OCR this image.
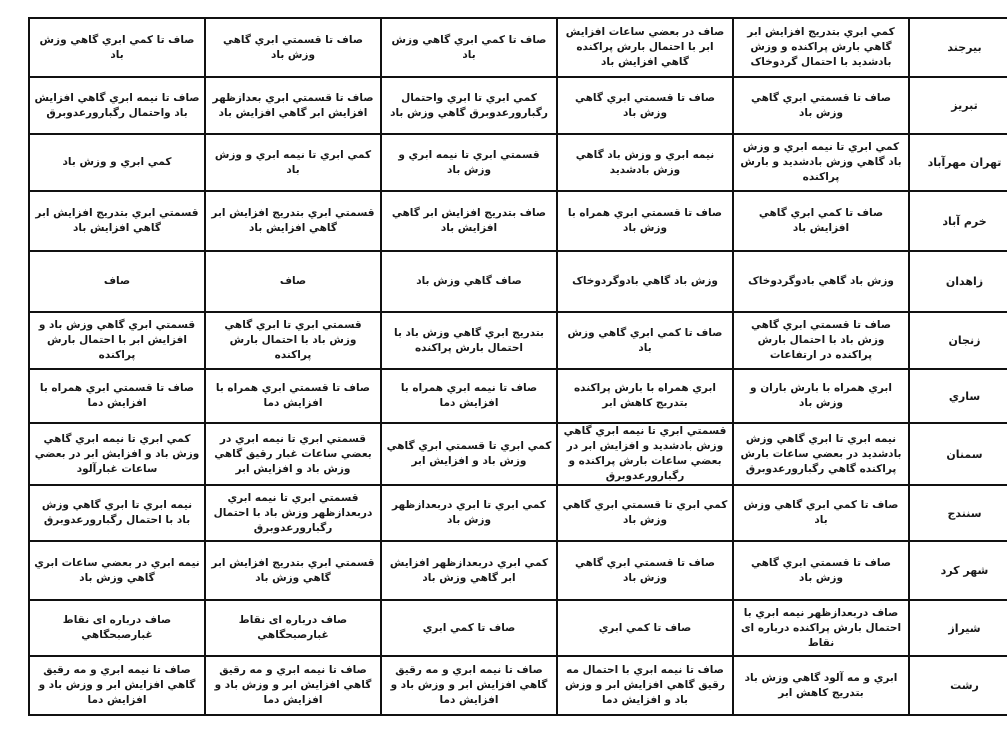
بیرجند	كمي ابري بتدريج افزايش ابر گاهي بارش پراكنده و وزش بادشديد با احتمال گردوخاک	صاف در بعضي ساعات افزايش ابر با احتمال بارش پراكنده گاهي افزايش باد	صاف تا كمي ابري گاهي وزش باد	صاف تا قسمتي ابري گاهي وزش باد	صاف تا كمي ابري گاهي وزش باد
تبريز	صاف تا قسمتي ابري گاهي وزش باد	صاف تا قسمتي ابري گاهي وزش باد	كمي ابري تا ابري واحتمال رگبارورعدوبرق گاهي وزش باد	صاف تا قسمتي ابري بعدازظهر افزايش ابر گاهي افزايش باد	صاف تا نيمه ابري گاهي افزايش باد واحتمال رگبارورعدوبرق
تهران مهرآباد	كمي ابري تا نيمه ابري و وزش باد گاهي وزش بادشديد و بارش پراكنده	نيمه ابري و وزش باد گاهي وزش بادشديد	قسمتي ابري تا نيمه ابري و وزش باد	كمي ابري تا نيمه ابري و وزش باد	كمي ابري و وزش باد
خرم آباد	صاف تا كمي ابري گاهي افزايش باد	صاف تا قسمتي ابري همراه با وزش باد	صاف بتدريج افزايش ابر گاهي افزايش باد	قسمتي ابري بتدريج افزايش ابر گاهي افزايش باد	قسمتي ابري بتدريج افزايش ابر گاهي افزايش باد
زاهدان	وزش باد گاهي بادوگردوخاک	وزش باد گاهي بادوگردوخاک	صاف گاهي وزش باد	صاف	صاف
زنجان	صاف تا قسمتي ابري گاهي وزش باد با احتمال بارش پراكنده در ارتفاعات	صاف تا كمي ابري گاهي وزش باد	بتدريج ابري گاهي وزش باد با احتمال بارش پراكنده	قسمتي ابري تا ابري گاهي وزش باد با احتمال بارش پراكنده	قسمتي ابري گاهي وزش باد و افزايش ابر با احتمال بارش پراكنده
ساري	ابري همراه با بارش باران و وزش باد	ابري همراه با بارش پراكنده بتدريج كاهش ابر	صاف تا نيمه ابري همراه با افزايش دما	صاف تا قسمتي ابري همراه با افزايش دما	صاف تا قسمتي ابري همراه با افزايش دما
سمنان	نيمه ابري تا ابري گاهي وزش بادشديد در بعضي ساعات بارش پراكنده گاهي رگبارورعدوبرق	قسمتي ابري تا نيمه ابري گاهي وزش بادشديد و افزايش ابر در بعضي ساعات بارش پراكنده و رگبارورعدوبرق	كمي ابري تا قسمتي ابري گاهي وزش باد و افزايش ابر	قسمتي ابري تا نيمه ابري در بعضي ساعات غبار رقيق گاهي وزش باد و افزايش ابر	كمي ابري تا نيمه ابري گاهي وزش باد و افزايش ابر در بعضي ساعات غبارآلود
سنندج	صاف تا كمي ابري گاهي وزش باد	كمي ابري تا قسمتي ابري گاهي وزش باد	كمي ابري تا ابري دربعدازظهر وزش باد	قسمتي ابري تا نيمه ابري دربعدازظهر وزش باد با احتمال رگبارورعدوبرق	نيمه ابري تا ابري گاهي وزش باد با احتمال رگبارورعدوبرق
شهر كرد	صاف تا قسمتي ابري گاهي وزش باد	صاف تا قسمتي ابري گاهي وزش باد	كمي ابري دربعدازظهر افزايش ابر گاهي وزش باد	قسمتي ابري بتدريج افزايش ابر گاهي وزش باد	نيمه ابري در بعضي ساعات ابري گاهي وزش باد
شيراز	صاف دربعدازظهر نيمه ابري با احتمال بارش پراكنده درباره اى نقاط	صاف تا كمي ابري	صاف تا كمي ابري	صاف درباره اى نقاط غبارصبحگاهي	صاف درباره اى نقاط غبارصبحگاهي
رشت	ابري و مه آلود گاهي وزش باد بتدريج كاهش ابر	صاف تا نيمه ابري با احتمال مه رقيق گاهي افزايش ابر و وزش باد و افزايش دما	صاف تا نيمه ابري و مه رقيق گاهي افزايش ابر و وزش باد و افزايش دما	صاف تا نيمه ابري و مه رقيق گاهي افزايش ابر و وزش باد و افزايش دما	صاف تا نيمه ابري و مه رقيق گاهي افزايش ابر و وزش باد و افزايش دما
